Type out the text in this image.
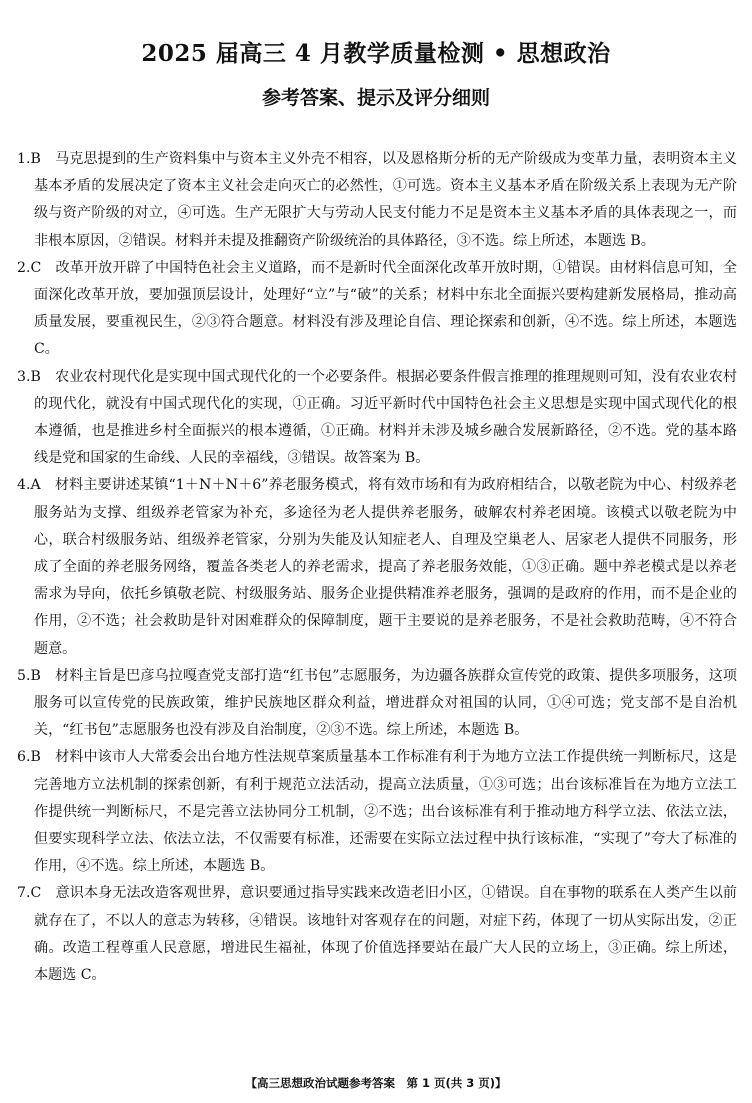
2025 届高三 4 月教学质量检测 • 思想政治
参考答案、提示及评分细则

1.B　 马克思提到的生产资料集中与资本主义外壳不相容，以及恩格斯分析的无产阶级成为变革力量，表明资本主义基本矛盾的发展决定了资本主义社会走向灭亡的必然性，①可选。资本主义基本矛盾在阶级关系上表现为无产阶级与资产阶级的对立，④可选。生产无限扩大与劳动人民支付能力不足是资本主义基本矛盾的具体表现之一，而非根本原因，②错误。材料并未提及推翻资产阶级统治的具体路径，③不选。综上所述，本题选 B。

2.C　 改革开放开辟了中国特色社会主义道路，而不是新时代全面深化改革开放时期，①错误。由材料信息可知，全面深化改革开放，要加强顶层设计，处理好“立”与“破”的关系；材料中东北全面振兴要构建新发展格局，推动高质量发展，要重视民生，②③符合题意。材料没有涉及理论自信、理论探索和创新，④不选。综上所述，本题选 C。

3.B　 农业农村现代化是实现中国式现代化的一个必要条件。根据必要条件假言推理的推理规则可知，没有农业农村的现代化，就没有中国式现代化的实现，①正确。习近平新时代中国特色社会主义思想是实现中国式现代化的根本遵循，也是推进乡村全面振兴的根本遵循，①正确。材料并未涉及城乡融合发展新路径，②不选。党的基本路线是党和国家的生命线、人民的幸福线，③错误。故答案为 B。

4.A　 材料主要讲述某镇“1＋N＋N＋6”养老服务模式，将有效市场和有为政府相结合，以敬老院为中心、村级养老服务站为支撑、组级养老管家为补充，多途径为老人提供养老服务，破解农村养老困境。该模式以敬老院为中心，联合村级服务站、组级养老管家，分别为失能及认知症老人、自理及空巢老人、居家老人提供不同服务，形成了全面的养老服务网络，覆盖各类老人的养老需求，提高了养老服务效能，①③正确。题中养老模式是以养老需求为导向，依托乡镇敬老院、村级服务站、服务企业提供精准养老服务，强调的是政府的作用，而不是企业的作用，②不选；社会救助是针对困难群众的保障制度，题干主要说的是养老服务，不是社会救助范畴，④不符合题意。

5.B　 材料主旨是巴彦乌拉嘎查党支部打造“红书包”志愿服务，为边疆各族群众宣传党的政策、提供多项服务，这项服务可以宣传党的民族政策，维护民族地区群众利益，增进群众对祖国的认同，①④可选；党支部不是自治机关，“红书包”志愿服务也没有涉及自治制度，②③不选。综上所述，本题选 B。

6.B　 材料中该市人大常委会出台地方性法规草案质量基本工作标准有利于为地方立法工作提供统一判断标尺，这是完善地方立法机制的探索创新，有利于规范立法活动，提高立法质量，①③可选；出台该标准旨在为地方立法工作提供统一判断标尺，不是完善立法协同分工机制，②不选；出台该标准有利于推动地方科学立法、依法立法，但要实现科学立法、依法立法，不仅需要有标准，还需要在实际立法过程中执行该标准，“实现了”夸大了标准的作用，④不选。综上所述，本题选 B。

7.C　 意识本身无法改造客观世界，意识要通过指导实践来改造老旧小区，①错误。自在事物的联系在人类产生以前就存在了，不以人的意志为转移，④错误。该地针对客观存在的问题，对症下药，体现了一切从实际出发，②正确。改造工程尊重人民意愿，增进民生福祉，体现了价值选择要站在最广大人民的立场上，③正确。综上所述，本题选 C。

【高三思想政治试题参考答案　第 1 页(共 3 页)】
